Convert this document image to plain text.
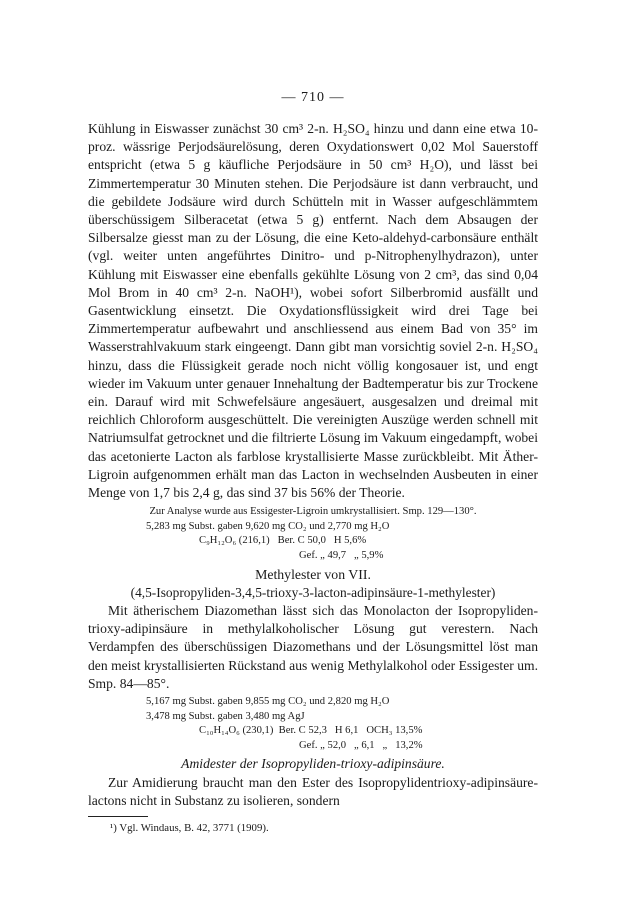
— 710 —

Kühlung in Eiswasser zunächst 30 cm³ 2-n. H₂SO₄ hinzu und dann eine etwa 10-proz. wässrige Perjodsäurelösung, deren Oxydationswert 0,02 Mol Sauerstoff entspricht (etwa 5 g käufliche Perjodsäure in 50 cm³ H₂O), und lässt bei Zimmertemperatur 30 Minuten stehen. Die Perjodsäure ist dann verbraucht, und die gebildete Jodsäure wird durch Schütteln mit in Wasser aufgeschlämmtem überschüssigem Silberacetat (etwa 5 g) entfernt. Nach dem Absaugen der Silbersalze giesst man zu der Lösung, die eine Keto-aldehyd-carbonsäure enthält (vgl. weiter unten angeführtes Dinitro- und p-Nitrophenylhydrazon), unter Kühlung mit Eiswasser eine ebenfalls gekühlte Lösung von 2 cm³, das sind 0,04 Mol Brom in 40 cm³ 2-n. NaOH¹), wobei sofort Silberbromid ausfällt und Gasentwicklung einsetzt. Die Oxydationsflüssigkeit wird drei Tage bei Zimmertemperatur aufbewahrt und anschliessend aus einem Bad von 35° im Wasserstrahlvakuum stark eingeengt. Dann gibt man vorsichtig soviel 2-n. H₂SO₄ hinzu, dass die Flüssigkeit gerade noch nicht völlig kongosauer ist, und engt wieder im Vakuum unter genauer Innehaltung der Badtemperatur bis zur Trockene ein. Darauf wird mit Schwefelsäure angesäuert, ausgesalzen und dreimal mit reichlich Chloroform ausgeschüttelt. Die vereinigten Auszüge werden schnell mit Natriumsulfat getrocknet und die filtrierte Lösung im Vakuum eingedampft, wobei das acetonierte Lacton als farblose krystallisierte Masse zurückbleibt. Mit Äther-Ligroin aufgenommen erhält man das Lacton in wechselnden Ausbeuten in einer Menge von 1,7 bis 2,4 g, das sind 37 bis 56% der Theorie.

Zur Analyse wurde aus Essigester-Ligroin umkrystallisiert. Smp. 129—130°.
5,283 mg Subst. gaben 9,620 mg CO₂ und 2,770 mg H₂O
C₉H₁₂O₆ (216,1)   Ber. C 50,0   H 5,6%
Gef. „ 49,7   „ 5,9%
Methylester von VII.
(4,5-Isopropyliden-3,4,5-trioxy-3-lacton-adipinsäure-1-methylester)

Mit ätherischem Diazomethan lässt sich das Monolacton der Isopropyliden-trioxy-adipinsäure in methylalkoholischer Lösung gut verestern. Nach Verdampfen des überschüssigen Diazomethans und der Lösungsmittel löst man den meist krystallisierten Rückstand aus wenig Methylalkohol oder Essigester um. Smp. 84—85°.

5,167 mg Subst. gaben 9,855 mg CO₂ und 2,820 mg H₂O
3,478 mg Subst. gaben 3,480 mg AgJ
C₁₀H₁₄O₆ (230,1)  Ber. C 52,3   H 6,1   OCH₃ 13,5%
Gef. „ 52,0   „ 6,1   „   13,2%
Amidester der Isopropyliden-trioxy-adipinsäure.

Zur Amidierung braucht man den Ester des Isopropylidentrioxy-adipinsäure-lactons nicht in Substanz zu isolieren, sondern

¹) Vgl. Windaus, B. 42, 3771 (1909).
